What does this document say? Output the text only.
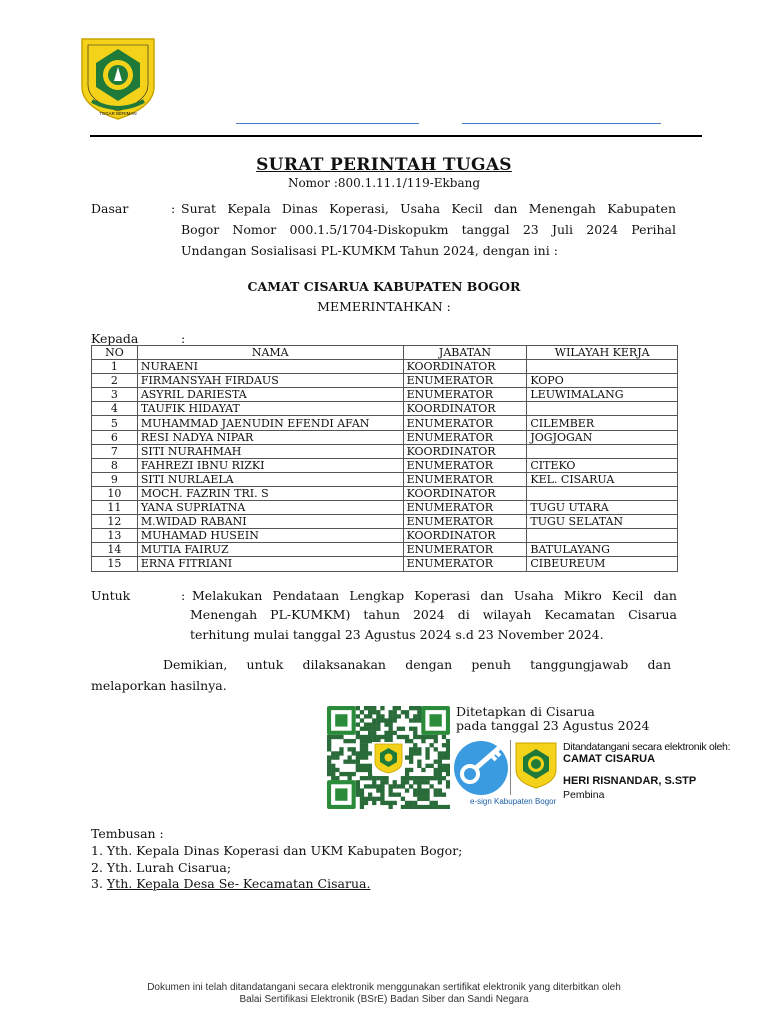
TEGAR BERIMAN
SURAT PERINTAH TUGAS
Nomor :800.1.11.1/119-Ekbang
Dasar	: Surat Kepala Dinas Koperasi, Usaha Kecil dan Menengah Kabupaten
Bogor Nomor 000.1.5/1704-Diskopukm tanggal 23 Juli 2024 Perihal
Undangan Sosialisasi PL-KUMKM Tahun 2024, dengan ini :
CAMAT CISARUA KABUPATEN BOGOR
MEMERINTAHKAN :
Kepada	:
NO	NAMA	JABATAN	WILAYAH KERJA
1	NURAENI	KOORDINATOR	
2	FIRMANSYAH FIRDAUS	ENUMERATOR	KOPO
3	ASYRIL DARIESTA	ENUMERATOR	LEUWIMALANG
4	TAUFIK HIDAYAT	KOORDINATOR	
5	MUHAMMAD JAENUDIN EFENDI AFAN	ENUMERATOR	CILEMBER
6	RESI NADYA NIPAR	ENUMERATOR	JOGJOGAN
7	SITI NURAHMAH	KOORDINATOR	
8	FAHREZI IBNU RIZKI	ENUMERATOR	CITEKO
9	SITI NURLAELA	ENUMERATOR	KEL. CISARUA
10	MOCH. FAZRIN TRI. S	KOORDINATOR	
11	YANA SUPRIATNA	ENUMERATOR	TUGU UTARA
12	M.WIDAD RABANI	ENUMERATOR	TUGU SELATAN
13	MUHAMAD HUSEIN	KOORDINATOR	
14	MUTIA FAIRUZ	ENUMERATOR	BATULAYANG
15	ERNA FITRIANI	ENUMERATOR	CIBEUREUM
Untuk	: Melakukan Pendataan Lengkap Koperasi dan Usaha Mikro Kecil dan
Menengah PL-KUMKM) tahun 2024 di wilayah Kecamatan Cisarua
terhitung mulai tanggal 23 Agustus 2024 s.d 23 November 2024.
Demikian, untuk dilaksanakan dengan penuh tanggungjawab dan
melaporkan hasilnya.
Ditetapkan di Cisarua
pada tanggal 23 Agustus 2024
e-sign Kabupaten Bogor
Ditandatangani secara elektronik oleh:
CAMAT CISARUA
HERI RISNANDAR, S.STP
Pembina
Tembusan :
1. Yth. Kepala Dinas Koperasi dan UKM Kabupaten Bogor;
2. Yth. Lurah Cisarua;
3. Yth. Kepala Desa Se- Kecamatan Cisarua.
Dokumen ini telah ditandatangani secara elektronik menggunakan sertifikat elektronik yang diterbitkan oleh
Balai Sertifikasi Elektronik (BSrE) Badan Siber dan Sandi Negara
